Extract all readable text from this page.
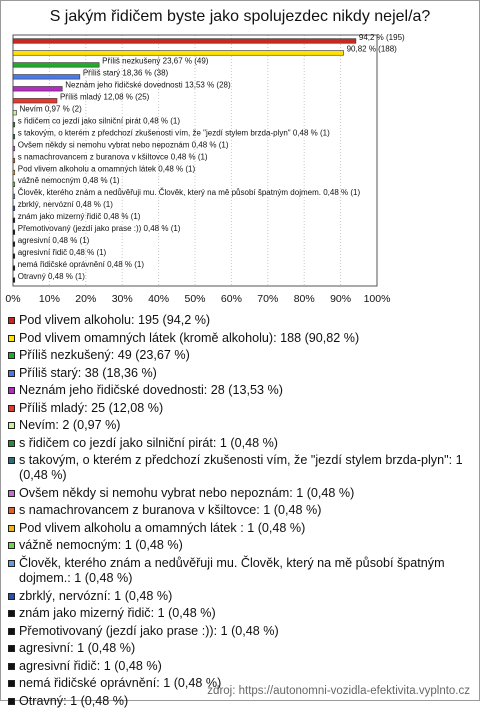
S jakým řidičem byste jako spolujezdec nikdy nejel/a?
94,2 % (195)
90,82 % (188)
Příliš nezkušený 23,67 % (49)
Příliš starý 18,36 % (38)
Neznám jeho řidičské dovednosti 13,53 % (28)
Příliš mladý 12,08 % (25)
Nevím 0,97 % (2)
s řidičem co jezdí jako silniční pirát 0,48 % (1)
s takovým, o kterém z předchozí zkušenosti vím, že "jezdí stylem brzda-plyn" 0,48 % (1)
Ovšem někdy si nemohu vybrat nebo nepoznám 0,48 % (1)
s namachrovancem z buranova v kšiltovce 0,48 % (1)
Pod vlivem alkoholu a omamných látek 0,48 % (1)
vážně nemocným 0,48 % (1)
Člověk, kterého znám a nedůvěřuji mu. Člověk, který na mě působí špatným dojmem. 0,48 % (1)
zbrklý, nervózní 0,48 % (1)
znám jako mizerný řidič 0,48 % (1)
Přemotivovaný (jezdí jako prase :)) 0,48 % (1)
agresivní 0,48 % (1)
agresivní řidič 0,48 % (1)
nemá řidičské oprávnění 0,48 % (1)
Otravný 0,48 % (1)
0% 10% 20% 30% 40% 50% 60% 70% 80% 90% 100%
Pod vlivem alkoholu: 195 (94,2 %)
Pod vlivem omamných látek (kromě alkoholu): 188 (90,82 %)
Příliš nezkušený: 49 (23,67 %)
Příliš starý: 38 (18,36 %)
Neznám jeho řidičské dovednosti: 28 (13,53 %)
Příliš mladý: 25 (12,08 %)
Nevím: 2 (0,97 %)
s řidičem co jezdí jako silniční pirát: 1 (0,48 %)
s takovým, o kterém z předchozí zkušenosti vím, že "jezdí stylem brzda-plyn": 1 (0,48 %)
Ovšem někdy si nemohu vybrat nebo nepoznám: 1 (0,48 %)
s namachrovancem z buranova v kšiltovce: 1 (0,48 %)
Pod vlivem alkoholu a omamných látek : 1 (0,48 %)
vážně nemocným: 1 (0,48 %)
Člověk, kterého znám a nedůvěřuji mu. Člověk, který na mě působí špatným dojmem.: 1 (0,48 %)
zbrklý, nervózní: 1 (0,48 %)
znám jako mizerný řidič: 1 (0,48 %)
Přemotivovaný (jezdí jako prase :)): 1 (0,48 %)
agresivní: 1 (0,48 %)
agresivní řidič: 1 (0,48 %)
nemá řidičské oprávnění: 1 (0,48 %)
Otravný: 1 (0,48 %)	zdroj: https://autonomni-vozidla-efektivita.vyplnto.cz
